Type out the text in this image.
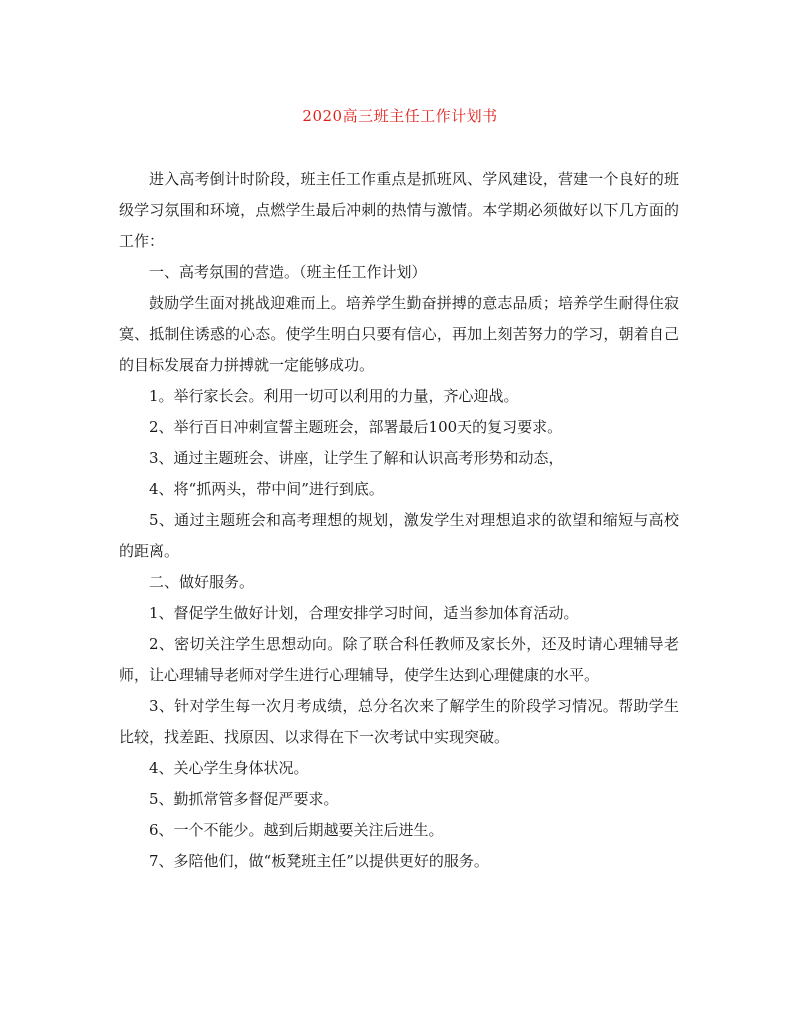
2020高三班主任工作计划书

进入高考倒计时阶段，班主任工作重点是抓班风、学风建设，营建一个良好的班级学习氛围和环境，点燃学生最后冲刺的热情与激情。本学期必须做好以下几方面的工作：

一、高考氛围的营造。（班主任工作计划）

鼓励学生面对挑战迎难而上。培养学生勤奋拼搏的意志品质；培养学生耐得住寂寞、抵制住诱惑的心态。使学生明白只要有信心，再加上刻苦努力的学习，朝着自己的目标发展奋力拼搏就一定能够成功。

1。举行家长会。利用一切可以利用的力量，齐心迎战。

2、举行百日冲刺宣誓主题班会，部署最后100天的复习要求。

3、通过主题班会、讲座，让学生了解和认识高考形势和动态，

4、将“抓两头，带中间”进行到底。

5、通过主题班会和高考理想的规划，激发学生对理想追求的欲望和缩短与高校的距离。

二、做好服务。

1、督促学生做好计划，合理安排学习时间，适当参加体育活动。

2、密切关注学生思想动向。除了联合科任教师及家长外，还及时请心理辅导老师，让心理辅导老师对学生进行心理辅导，使学生达到心理健康的水平。

3、针对学生每一次月考成绩，总分名次来了解学生的阶段学习情况。帮助学生比较，找差距、找原因、以求得在下一次考试中实现突破。

4、关心学生身体状况。

5、勤抓常管多督促严要求。

6、一个不能少。越到后期越要关注后进生。

7、多陪他们，做“板凳班主任”以提供更好的服务。
